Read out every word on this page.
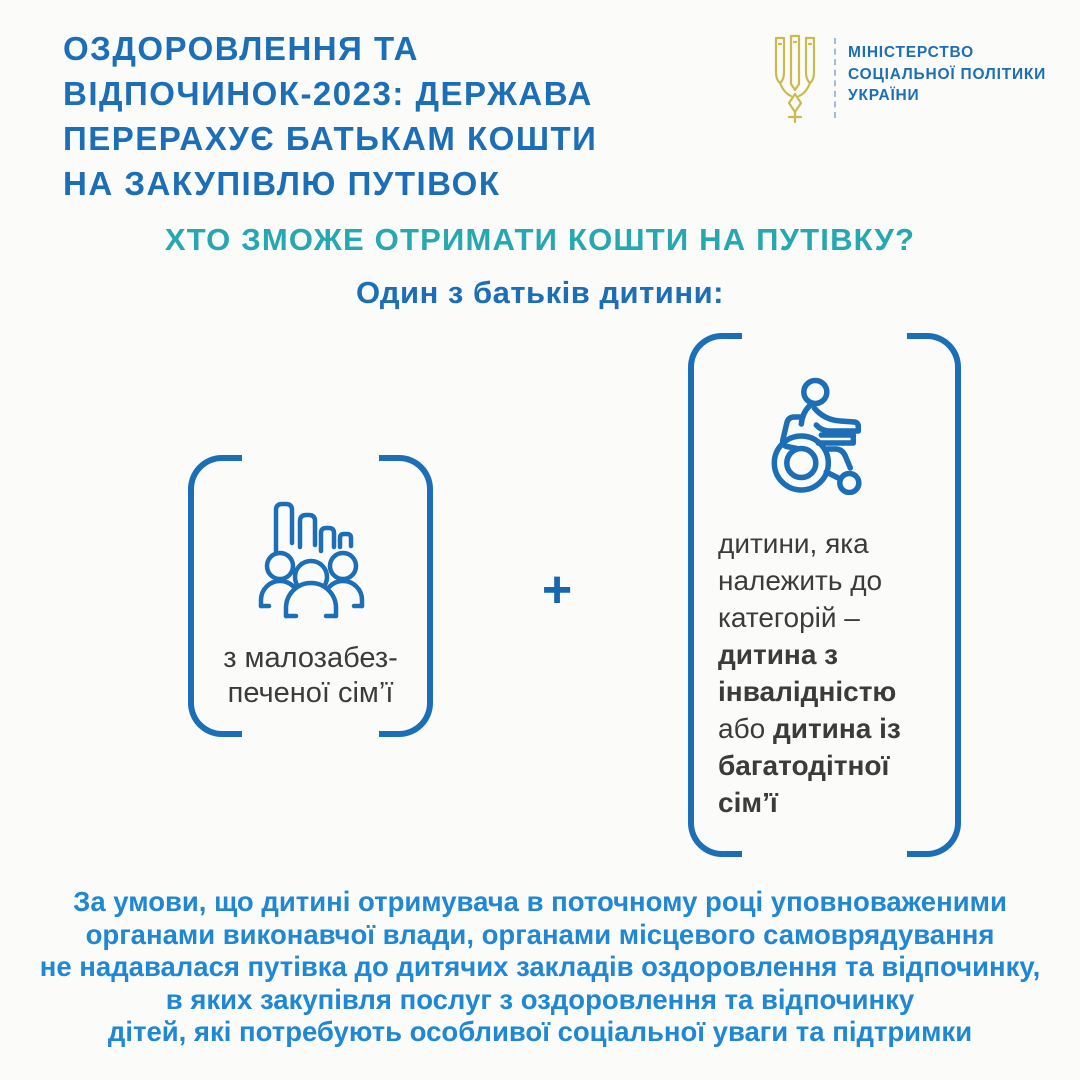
ОЗДОРОВЛЕННЯ ТА
ВІДПОЧИНОК-2023: ДЕРЖАВА
ПЕРЕРАХУЄ БАТЬКАМ КОШТИ
НА ЗАКУПІВЛЮ ПУТІВОК
МІНІСТЕРСТВО
СОЦІАЛЬНОЇ ПОЛІТИКИ
УКРАЇНИ
ХТО ЗМОЖЕ ОТРИМАТИ КОШТИ НА ПУТІВКУ?
Один з батьків дитини:
з малозабез-
печеної сім’ї
+

дитини, яка належить до категорій – дитина з інвалідністю або дитина із багатодітної сім’ї

За умови, що дитині отримувача в поточному році уповноваженими
органами виконавчої влади, органами місцевого самоврядування
не надавалася путівка до дитячих закладів оздоровлення та відпочинку,
в яких закупівля послуг з оздоровлення та відпочинку
дітей, які потребують особливої соціальної уваги та підтримки
